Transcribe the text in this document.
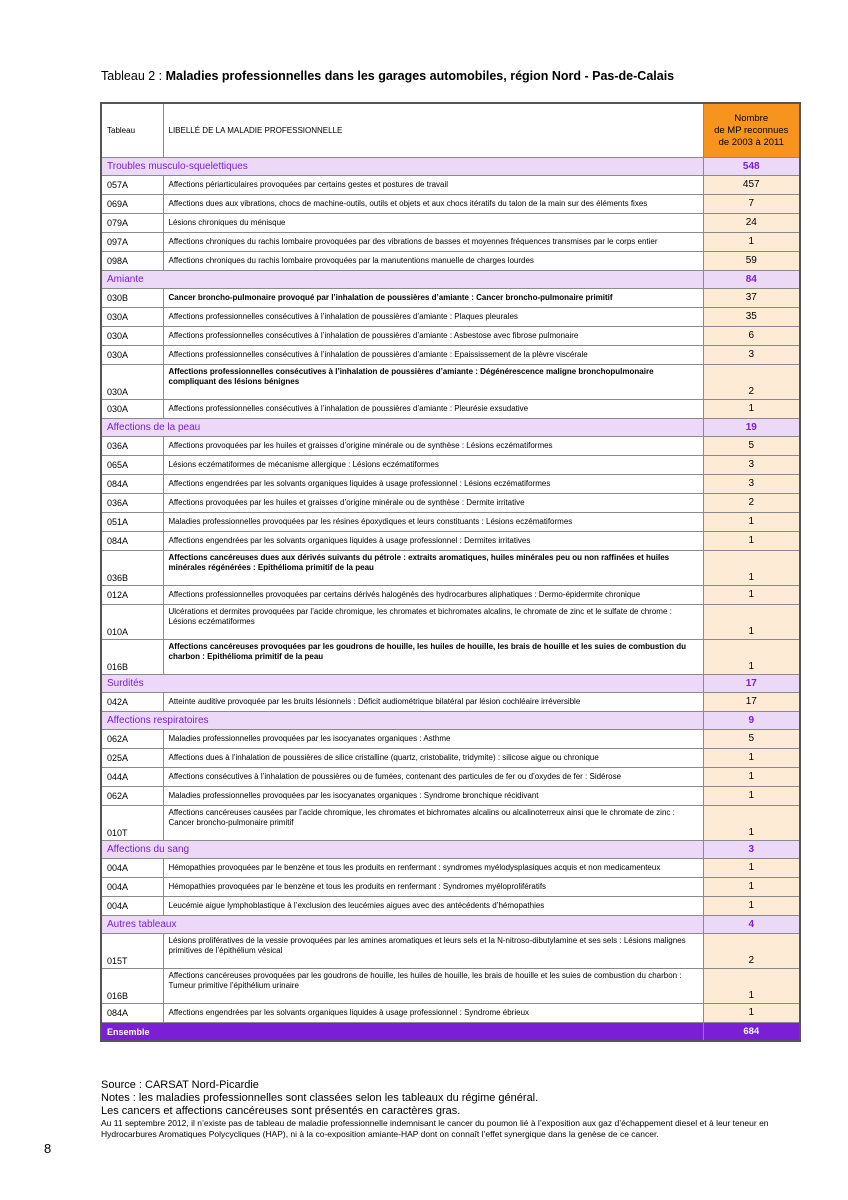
Tableau 2 : Maladies professionnelles dans les garages automobiles, région Nord - Pas-de-Calais
Tableau	LIBELLÉ DE LA MALADIE PROFESSIONNELLE	Nombre
de MP reconnues
de 2003 à 2011

Troubles musculo-squelettiques		548
057A	Affections périarticulaires provoquées par certains gestes et postures de travail	457
069A	Affections dues aux vibrations, chocs de machine-outils, outils et objets et aux chocs itératifs du talon de la main sur des éléments fixes	7
079A	Lésions chroniques du ménisque	24
097A	Affections chroniques du rachis lombaire provoquées par des vibrations de basses et moyennes fréquences transmises par le corps entier	1
098A	Affections chroniques du rachis lombaire provoquées par la manutentions manuelle de charges lourdes	59
Amiante		84
030B	Cancer broncho-pulmonaire provoqué par l’inhalation de poussières d’amiante : Cancer broncho-pulmonaire primitif	37
030A	Affections professionnelles consécutives à l’inhalation de poussières d’amiante : Plaques pleurales	35
030A	Affections professionnelles consécutives à l’inhalation de poussières d’amiante : Asbestose avec fibrose pulmonaire	6
030A	Affections professionnelles consécutives à l’inhalation de poussières d’amiante : Epaississement de la plèvre viscérale	3
030A	Affections professionnelles consécutives à l’inhalation de poussières d’amiante : Dégénérescence maligne bronchopulmonaire compliquant des lésions bénignes	2
030A	Affections professionnelles consécutives à l’inhalation de poussières d’amiante : Pleurésie exsudative	1
Affections de la peau		19
036A	Affections provoquées par les huiles et graisses d’origine minérale ou de synthèse : Lésions eczématiformes	5
065A	Lésions eczématiformes de mécanisme allergique : Lésions eczématiformes	3
084A	Affections engendrées par les solvants organiques liquides à usage professionnel : Lésions eczématiformes	3
036A	Affections provoquées par les huiles et graisses d’origine minérale ou de synthèse : Dermite irritative	2
051A	Maladies professionnelles provoquées par les résines époxydiques et leurs constituants : Lésions eczématiformes	1
084A	Affections engendrées par les solvants organiques liquides à usage professionnel : Dermites irritatives	1
036B	Affections cancéreuses dues aux dérivés suivants du pétrole : extraits aromatiques, huiles minérales peu ou non raffinées et huiles minérales régénérées : Epithélioma primitif de la peau	1
012A	Affections professionnelles provoquées par certains dérivés halogénés des hydrocarbures aliphatiques : Dermo-épidermite chronique	1
010A	Ulcérations et dermites provoquées par l’acide chromique, les chromates et bichromates alcalins, le chromate de zinc et le sulfate de chrome : Lésions eczématiformes	1
016B	Affections cancéreuses provoquées par les goudrons de houille, les huiles de houille, les brais de houille et les suies de combustion du charbon : Epithélioma primitif de la peau	1
Surdités		17
042A	Atteinte auditive provoquée par les bruits lésionnels : Déficit audiométrique bilatéral par lésion cochléaire irréversible	17
Affections respiratoires		9
062A	Maladies professionnelles provoquées par les isocyanates organiques : Asthme	5
025A	Affections dues à l’inhalation de poussières de silice cristalline (quartz, cristobalite, tridymite) : silicose aigue ou chronique	1
044A	Affections consécutives à l’inhalation de poussières ou de fumées, contenant des particules de fer ou d’oxydes de fer : Sidérose	1
062A	Maladies professionnelles provoquées par les isocyanates organiques : Syndrome bronchique récidivant	1
010T	Affections cancéreuses causées par l’acide chromique, les chromates et bichromates alcalins ou alcalinoterreux ainsi que le chromate de zinc : Cancer broncho-pulmonaire primitif	1
Affections du sang		3
004A	Hémopathies provoquées par le benzène et tous les produits en renfermant : syndromes myélodysplasiques acquis et non medicamenteux	1
004A	Hémopathies provoquées par le benzène et tous les produits en renfermant : Syndromes myéloprolifératifs	1
004A	Leucémie aigue lymphoblastique à l’exclusion des leucémies aigues avec des antécédents d’hémopathies	1
Autres tableaux		4
015T	Lésions prolifératives de la vessie provoquées par les amines aromatiques et leurs sels et la N-nitroso-dibutylamine et ses sels : Lésions malignes primitives de l’épithélium vésical	2
016B	Affections cancéreuses provoquées par les goudrons de houille, les huiles de houille, les brais de houille et les suies de combustion du charbon : Tumeur primitive l’épithélium urinaire	1
084A	Affections engendrées par les solvants organiques liquides à usage professionnel : Syndrome ébrieux	1
Ensemble		684
Source : CARSAT Nord-Picardie
Notes : les maladies professionnelles sont classées selon les tableaux du régime général.
Les cancers et affections cancéreuses sont présentés en caractères gras.
Au 11 septembre 2012, il n’existe pas de tableau de maladie professionnelle indemnisant le cancer du poumon lié à l’exposition aux gaz d’échappement diesel et à leur teneur en Hydrocarbures Aromatiques Polycycliques (HAP), ni à la co-exposition amiante-HAP dont on connaît l’effet synergique dans la genèse de ce cancer.
8
